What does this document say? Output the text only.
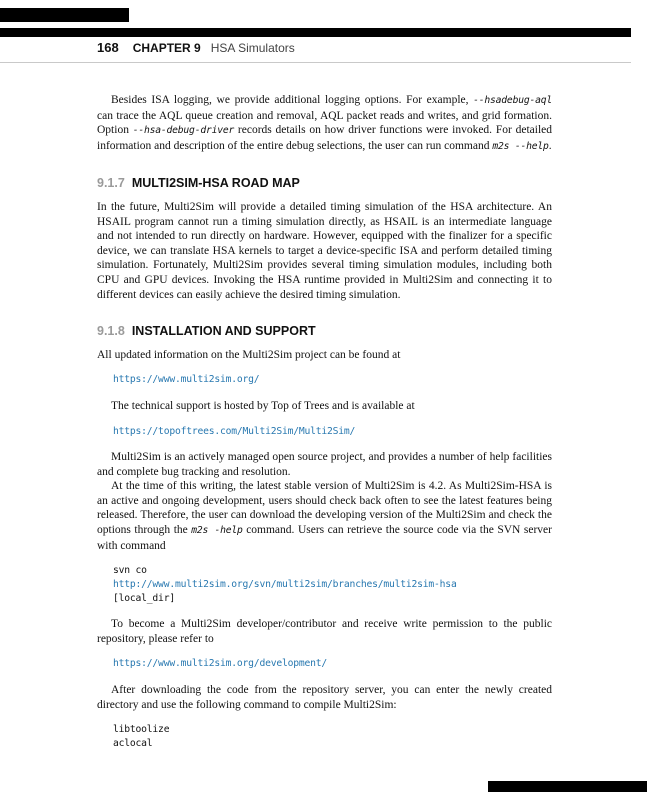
168 CHAPTER 9 HSA Simulators

Besides ISA logging, we provide additional logging options. For example, --hsadebug-aql can trace the AQL queue creation and removal, AQL packet reads and writes, and grid formation. Option --hsa-debug-driver records details on how driver functions were invoked. For detailed information and description of the entire debug selections, the user can run command m2s --help.

9.1.7 MULTI2SIM-HSA ROAD MAP

In the future, Multi2Sim will provide a detailed timing simulation of the HSA architecture. An HSAIL program cannot run a timing simulation directly, as HSAIL is an intermediate language and not intended to run directly on hardware. However, equipped with the finalizer for a specific device, we can translate HSA kernels to target a device-specific ISA and perform detailed timing simulation. Fortunately, Multi2Sim provides several timing simulation modules, including both CPU and GPU devices. Invoking the HSA runtime provided in Multi2Sim and connecting it to different devices can easily achieve the desired timing simulation.

9.1.8 INSTALLATION AND SUPPORT

All updated information on the Multi2Sim project can be found at

https://www.multi2sim.org/

The technical support is hosted by Top of Trees and is available at

https://topoftrees.com/Multi2Sim/Multi2Sim/

Multi2Sim is an actively managed open source project, and provides a number of help facilities and complete bug tracking and resolution.

At the time of this writing, the latest stable version of Multi2Sim is 4.2. As Multi2Sim-HSA is an active and ongoing development, users should check back often to see the latest features being released. Therefore, the user can download the developing version of the Multi2Sim and check the options through the m2s -help command. Users can retrieve the source code via the SVN server with command

svn co
http://www.multi2sim.org/svn/multi2sim/branches/multi2sim-hsa
[local_dir]

To become a Multi2Sim developer/contributor and receive write permission to the public repository, please refer to

https://www.multi2sim.org/development/

After downloading the code from the repository server, you can enter the newly created directory and use the following command to compile Multi2Sim:

libtoolize
aclocal
